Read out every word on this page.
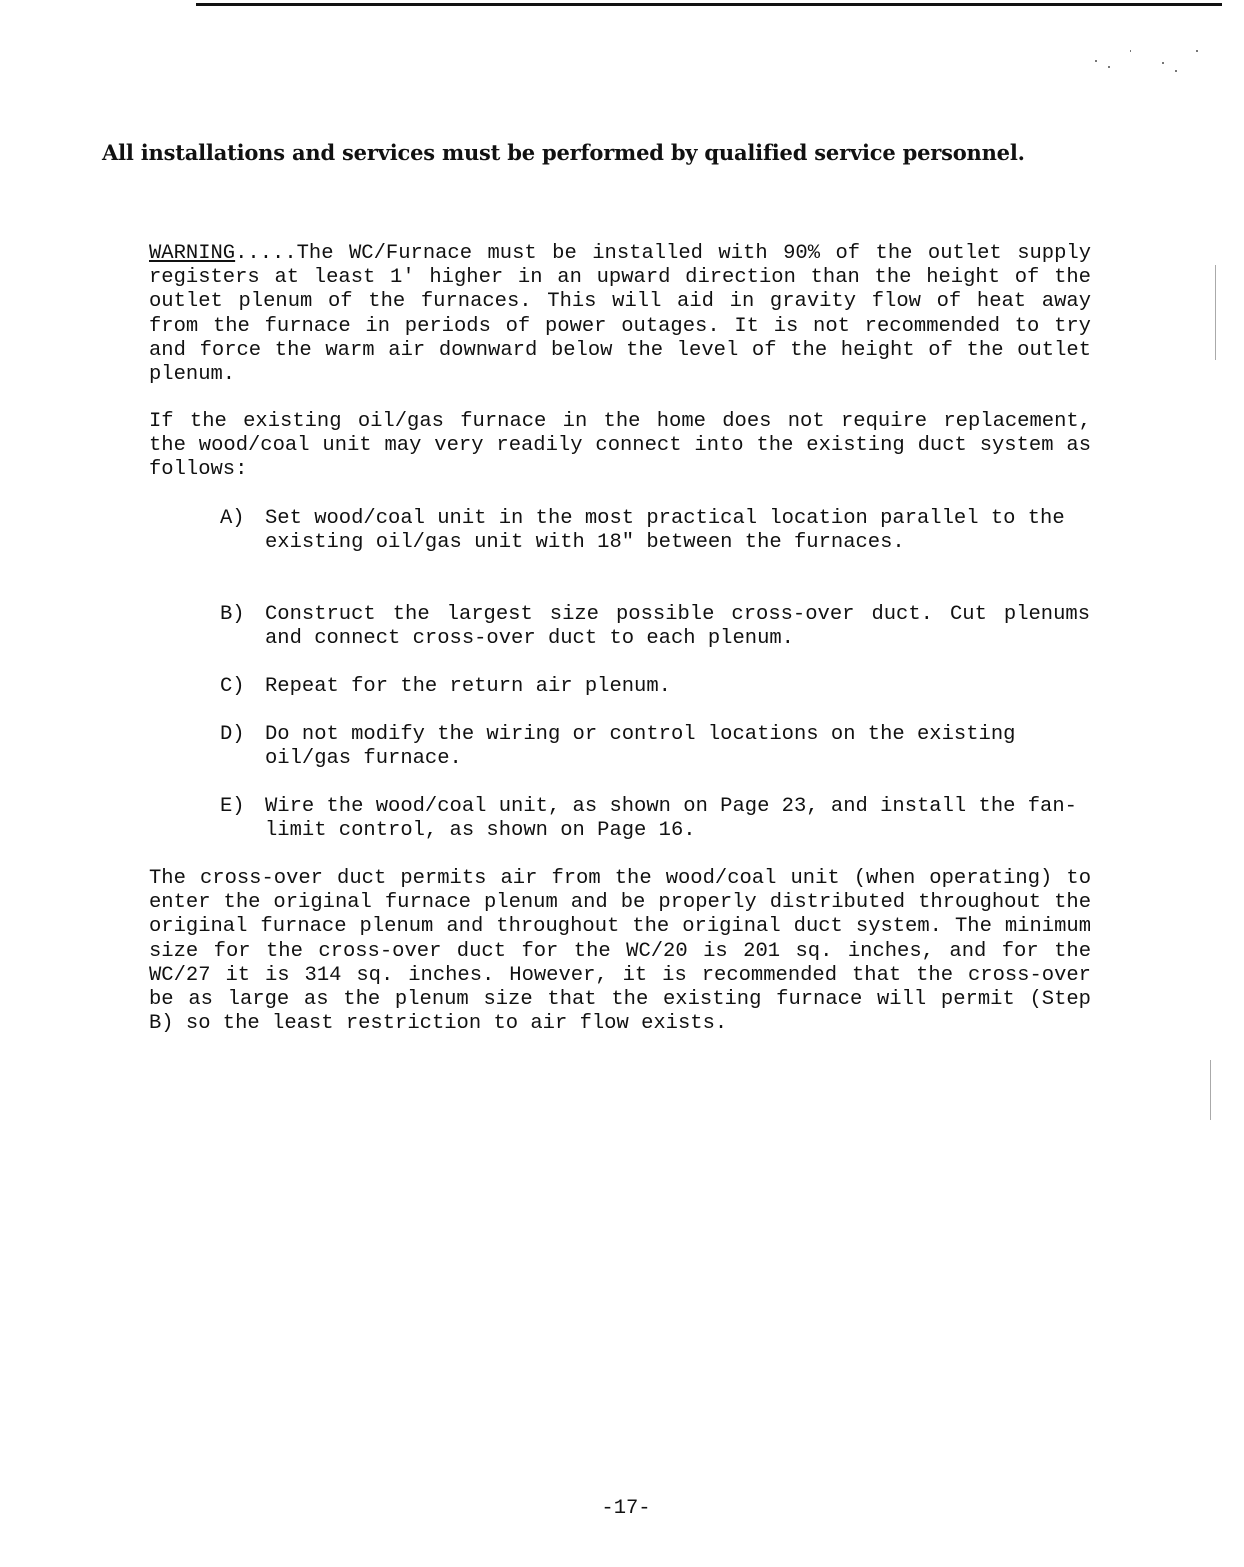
All installations and services must be performed by qualified service personnel.

WARNING.....The WC/Furnace must be installed with 90% of the outlet supply registers at least 1' higher in an upward direction than the height of the outlet plenum of the furnaces. This will aid in gravity flow of heat away from the furnace in periods of power outages. It is not recommended to try and force the warm air downward below the level of the height of the outlet plenum.

If the existing oil/gas furnace in the home does not require replacement, the wood/coal unit may very readily connect into the existing duct system as follows:

A) Set wood/coal unit in the most practical location parallel to the existing oil/gas unit with 18" between the furnaces.
B) Construct the largest size possible cross-over duct. Cut plenums and connect cross-over duct to each plenum.
C) Repeat for the return air plenum.
D) Do not modify the wiring or control locations on the existing oil/gas furnace.
E) Wire the wood/coal unit, as shown on Page 23, and install the fan-limit control, as shown on Page 16.

The cross-over duct permits air from the wood/coal unit (when operating) to enter the original furnace plenum and be properly distributed throughout the original furnace plenum and throughout the original duct system. The minimum size for the cross-over duct for the WC/20 is 201 sq. inches, and for the WC/27 it is 314 sq. inches. However, it is recommended that the cross-over be as large as the plenum size that the existing furnace will permit (Step B) so the least restriction to air flow exists.

-17-
